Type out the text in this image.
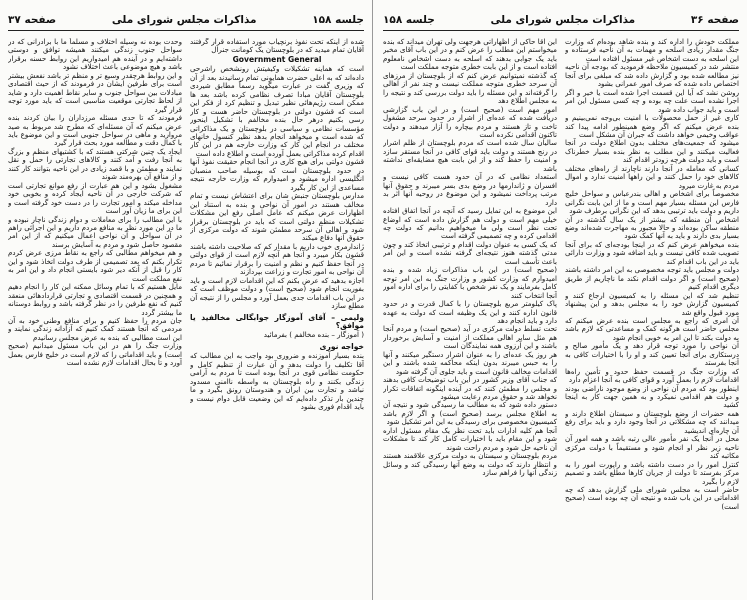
صفحه ۳۷	مذاکرات مجلس شورای ملی	جلسه ۱۵۸

شده از اینکه تحت نفوذ برنچیاب مورد استفاده قرار گرفتند آقایان تمام میدید که در بلوچستان یک کومانت جنرال

Government General

است که هماینه تشکیلات وکیفیتش رونشخص راشرحی داده‌اند که به اعلی حضرت همایونی تمام رسانیدند بعد از آن که وزیری گفت در عبارت میگوید رسماً مطابق شیردی بلوچستان آقایان مبادا تصرف نظامی کرده باشد بعد ها ممکن است رژیم‌هائی نظیر تبدیل و تنظیم کرد از فکر این است که قشون دولتی در بلوچستان حاضر هست و کار رسی بکنیم درهر حال بنده مخالفم با تشکیل اینحور مؤسسات نظامی و سیاسی در بلوچستان و یک مذاکراتی که شده است و میخواهد انجام بدهد نظیر کنسول خانهای مختلف در انجام این کار که وزارت خارجه هم در این کار اقدام کرده مذاکراتی بعمل آورده است و اطلاع داده است

قشون دولتی برای هیچ کاری در آنجا انجام حقیقت نفوذ آنها در حدود بلوچستان است که بوسیله صاحب منصبان انگلیسی اداره میشود و امیدوارم که وزارت خارجه نتیجه مساعدی از این کار بگیرد

مدارس بلوچستان جنبش شان برای اعتشاش نیست و تمام مخالف هستند در امور آن نواحی و بنده به استناد این اظهارات عرض میکنم که عامل اصلی رفع این مشکلات تشکیلات منظم دولتی است که باید در بلوچستان برقرار شود و اهالی آن سرحد مطمئن شوند که دولت مرکزی از حقوق آنها دفاع میکند

ژاندارمری خوب داریم با مقدار کم که صلاحیت داشته باشند قشون بکار میبرد و آنجا هم آنچه لازم است از قوای دولتی در آنجا حفظ کنیم و نظم و امنیت را برقرار نمائیم تا مردم آن نواحی به امور تجارت و زراعت بپردازند

اجازه بدهید که عرض بکنم که این اقدامات لازم است و باید بفوریت انجام شود (صحیح است) و دولت موظف است که در این باب اقدامات جدی بعمل آورد و مجلس را از نتیجه آن مطلع سازد

ولیمی – آقای آموزگار جوابگالی مخالفید یا موافق؟

( آموزگار – بنده مخالفم ) بفرمائید

خواجه نوری

بنده بسیار آموزنده و ضروری بود واجب به این مطالب که آقا تکلیف را دولت بدهد و آن عبارت از تنظیم کامل و حکومت نظامی قوی در آنجا بوده است تا مردم به آرامی زندگی بکنند و راه بلوچستان به واسطه ناامنی مسدود نباشد و تجارت بین ایران و هندوستان رونق بگیرد و ما چندین بار تذکر داده‌ایم که این وضعیت قابل دوام نیست و باید اقدام فوری بشود

وحدت بوده نه وسیله اختلاف و مسلماً ما با برادرانی که در سواحل جنوب زندگی میکنند همیشه توافق و دوستی داشته‌ایم و در آینده هم امیدواریم این روابط حسنه برقرار باشد و هیچ موضوعی باعث اختلاف نشود

و این روابط هرچقدر وسیع تر و منظم تر باشد نفعش بیشتر است برای طرفین ایشان در فرمودند که از حیث اقتصادی مبادلات بین سواحل جنوب و سایر نقاط اهمیت دارد و شاید از لحاظ تجارتی موقعیت مناسبی است که باید مورد توجه قرار گیرد

فرمودند که تا حدی مسئله مرزداران را بیان کردند بنده عرض میکنم که آن مسئله‌ای که مطرح شد مربوط به صید مروارید و ماهی در سواحل جنوبی است و این موضوع باید با کمال دقت و مطالعه مورد بحث قرار گیرد

ایجاد یک چنین شرکتی هستند که با کشتیهای منظم و بزرگ به آنجا رفت و آمد کنند و کالاهای تجارتی را حمل و نقل نمایند و مطمئن و با قصد زیادی در این ناحیه بتوانند کار کنند و از منافع آن بهره‌مند شوند

مشغول بشود و این هم عبارت از رفع موانع تجارتی است که شرکت خارجی در آن ناحیه ایجاد کرده و بخوبی خود مداخله میکند و امور تجارت را در دست خود گرفته است و این برای ما زیان آور است

با این مطالب را برای معاملات و دوام زندگی ناچار نبوده و ما در این مورد نظر به منافع مردم داریم و این اجرائی راهم در آن سواحل و آن نواحی اعمال میکنیم که از این امر مقصود حاصل شود و مردم به آسایش برسند

و هم میخواهم مطالبی که راجع به نقاط مرزی عرض کردم تکرار بکنم که بعد تصمیمی از طرف دولت اتخاذ شود و این کار را قبل از آنکه دیر شود بایستی انجام داد و این امر به نفع مملکت است

مایل هستیم که با تمام وسائل ممکنه این کار را انجام دهیم و همچنین در قسمت اقتصادی و تجارتی قراردادهائی منعقد کنیم که نفع طرفین را در نظر گرفته باشد و روابط دوستانه ما بیشتر گردد

جان مردم را حفظ کنیم و برای منافع وطنی خود به آن مردمی که آنجا هستند کمک کنیم که آزادانه زندگی نمایند و این است مطالبی که بنده به عرض مجلس رسانیدم

وزارت جنگ را هم در این باب مسئول میدانیم (صحیح است) و باید اقداماتی را که لازم است در خلیج فارس بعمل آورد و تا بحال اقدامات لازم نشده است

جلسه ۱۵۸	مذاکرات مجلس شورای ملی	صفحه ۳۶

مملکت خودش را اداره کند و بنده شاهد بوده‌ام که وزارت جنگ مقدار زیادی اسلحه و مهمات به آن ناحیه فرستاده و این اسلحه به دست اشخاص غیر مسئول افتاده است

منتشر شد در کمیسیون ملاحظه فرمودید که بودجه آن ناحیه نیز مطالعه شده بود و گزارش داده شد که مبلغی برای آنجا اختصاص داده شده که صرف امور عمرانی بشود

روشن نشد که آیا این قسمت اجرا شده است یا خیر و اگر اجرا نشده است علت چه بوده و چه کسی مسئول این امر است و باید جواب داده شود

کاری غیر از حمل محصولات با امنیت بی‌وجه نمی‌بینیم و بنده عرض میکنم که اگر وضع همینطور ادامه پیدا کند عواقب وخیمی خواهد داشت که جبران آن مشکل است

میشود که جمعیت‌های مختلف بدون اطلاع دولت در آنجا فعالیت میکنند و این مطلب به نظر بنده بسیار خطرناک است و باید دولت هرچه زودتر اقدام کند

کسانی که معامله در آنجا دارند ناچارند از راه‌های مختلف کالاهای خود را حمل کنند و این راهها امنیت ندارد و اموال مردم به غارت میرود

مخصوصاً برای اشخاص و اهالی بندرعباس و سواحل خلیج فارس این مسئله بسیار مهم است و ما از این بابت نگرانی داریم و دولت باید ترتیبی بدهد که این نگرانی برطرف شود

اشخاص آن منطقه که بیشتر از یک سال گذشته در آن منطقه ساکن بوده‌اند و حالا مجبور به مهاجرت شده‌اند وضع بسیار بدی دارند و باید به آنها کمک شود

بنده میخواهم عرض کنم که در اینجا بودجه‌ای که برای آنجا تصویب شده کافی نیست و باید اضافه شود و وزارت دارائی باید در این باب اقدام کند

دولت و مجلس باید توجه مخصوصی به این امر داشته باشند (صحیح است) و اگر دولت اقدام نکند ما ناچاریم از طریق دیگری اقدام کنیم

تنظیم شد که این مسئله را به کمیسیون ارجاع کنند و کمیسیون گزارش خود را به مجلس بدهد و این پیشنهاد مورد قبول واقع شد

آن امری که راجع به مجلس است بنده عرض میکنم که مجلس حاضر است هرگونه کمک و مساعدتی که لازم باشد به دولت بکند تا این امر به خوبی انجام شود

آن نواحی را مورد توجه قرار دهد و یک مأمور صالح و درستکاری برای آنجا تعیین کند و او را با اختیارات کافی به آنجا بفرستد

که وزارت جنگ در قسمت حفظ حدود و تأمین راه‌ها اقدامات لازم را بعمل آورد و قوای کافی به آنجا اعزام دارد

اینطور بود که مردم آن نواحی از وضع موجود ناراضی بودند و دولت هم اقدامی نمیکرد و به همین جهت کار به اینجا کشید

همه حضرات از وضع بلوچستان و سیستان اطلاع دارند و میدانند که چه مشکلاتی در آنجا وجود دارد و باید برای رفع آن چاره‌ای اندیشید

محل در آنجا یک نفر مأمور عالی رتبه باشد و همه امور آن ناحیه زیر نظر او انجام شود و مستقیماً با دولت مرکزی مکاتبه کند

کنترل امور را در دست داشته باشد و راپورت امور را به مرکز بفرستد تا دولت از جریان کارها مطلع باشد و تصمیم لازم را بگیرد

حاضر است به مجلس شورای ملی گزارش بدهد که چه اقداماتی در این باب شده و نتیجه آن چه بوده است (صحیح است)

این آقا حاکی از اظهاراتی هرجهت ولی تهران میداند که بنده میخواستم این مطلب را عرض کنم و در این باب آقای مخبر باید یک جوابی بدهند که اسلحه به دست اشخاص نامعلوم افتاده است و از این بابت خطری متوجه مملکت است

که گذشته نمیتوانیم عرض کنم که از بلوچستان از مرزهای آن سرحد خطری متوجه مملکت نیست و چند نفر از اهالی را گرفته‌اند و این مسئله را باید دولت بررسی کند و نتیجه را به مجلس اطلاع دهد

امور مهم است (صحیح است) و در این باب گزارشی دریافت شده که عده‌ای از اشرار در حدود سرحد مشغول تاخت و تاز هستند و مردم بیچاره را آزار میدهند و دولت تاکنون اقدامی نکرده است

سالیان سال شده است که مردم بلوچستان از ظلم اشرار در رنج هستند و دولت باید قوای کافی در آنجا مستقر سازد و امنیت را حفظ کند و از این بابت هیچ مضایقه‌ای نداشته باشد

استعداد نظامی که در آن حدود هست کافی نیست و افسران و ژاندارمها در وضع بدی بسر میبرند و حقوق آنها مرتب پرداخت نمیشود و این موضوع در روحیه آنها اثر بد دارد

این موضوع به این تمایل رسید که آنچه در آنجا اتفاق افتاده خیلی مهم است و دولت هم گزارش داده است که اوضاع تحت نظر است ولی ما میخواهیم بدانیم که دولت چه اقدامی کرده و چه تصمیمی گرفته است

که یک کسی به عنوان دولت اقدام و ترتیبی اتخاذ کند و چون مدتی گذشته هنوز نتیجه‌ای گرفته نشده است و این امر باعث تأسف است

(صحیح است) در این باب مذاکرات زیاد شده و بنده امیدوارم که وزارت کشور و وزارت جنگ به این امر توجه کامل بفرمایند و یک نفر شخص با کفایتی را برای اداره امور آنجا انتخاب کنند

پاک کیلومتر مربع بلوچستان را با کمال قدرت و در حدود قانون اداره کنند و این یک وظیفه است که دولت به عهده دارد و باید انجام دهد

تحت تسلط دولت مرکزی در آید (صحیح است) و مردم آنجا هم مثل سایر اهالی مملکت از امنیت و آسایش برخوردار باشند و این آرزوی همه نمایندگان است

هر روز یک عده‌ای را به عنوان اشرار دستگیر میکنند و آنها را به حبس میبرند بدون اینکه محاکمه شده باشند و این اقدامات مخالف قانون است و باید جلوی آن گرفته شود

که جناب آقای وزیر کشور در این باب توضیحات کافی بدهند و مجلس را مطمئن کنند که در آینده اینگونه اتفاقات تکرار نخواهد شد و حقوق مردم رعایت میشود

دستور داده شود که به مطالب ما رسیدگی شود و نتیجه آن به اطلاع مجلس برسد (صحیح است) و اگر لازم باشد کمیسیون مخصوصی برای رسیدگی به این امر تشکیل شود

آنجا هم کلیه ادارات باید تحت نظر یک مقام مسئول اداره شود و این مقام باید با اختیارات کامل کار کند تا مشکلات آن ناحیه حل شود و مردم راحت شوند

مردم بلوچستان و سیستان به دولت مرکزی علاقمند هستند و انتظار دارند که دولت به وضع آنها رسیدگی کند و وسائل زندگی آنها را فراهم سازد
